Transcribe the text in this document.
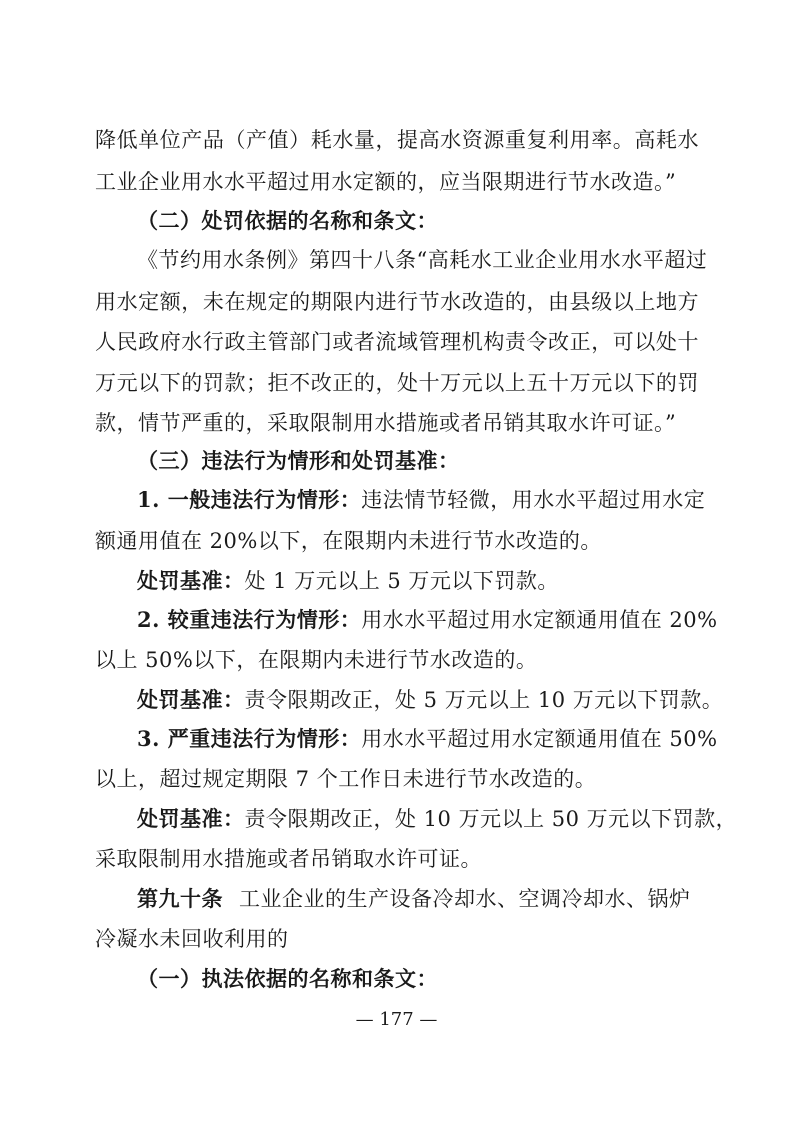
降低单位产品（产值）耗水量，提高水资源重复利用率。高耗水
工业企业用水水平超过用水定额的，应当限期进行节水改造。”
（二）处罚依据的名称和条文：
《节约用水条例》第四十八条“高耗水工业企业用水水平超过
用水定额，未在规定的期限内进行节水改造的，由县级以上地方
人民政府水行政主管部门或者流域管理机构责令改正，可以处十
万元以下的罚款；拒不改正的，处十万元以上五十万元以下的罚
款，情节严重的，采取限制用水措施或者吊销其取水许可证。”
（三）违法行为情形和处罚基准：
1. 一般违法行为情形：违法情节轻微，用水水平超过用水定
额通用值在 20%以下，在限期内未进行节水改造的。
处罚基准：处 1 万元以上 5 万元以下罚款。
2. 较重违法行为情形：用水水平超过用水定额通用值在 20%
以上 50%以下，在限期内未进行节水改造的。
处罚基准：责令限期改正，处 5 万元以上 10 万元以下罚款。
3. 严重违法行为情形：用水水平超过用水定额通用值在 50%
以上，超过规定期限 7 个工作日未进行节水改造的。
处罚基准：责令限期改正，处 10 万元以上 50 万元以下罚款，
采取限制用水措施或者吊销取水许可证。
第九十条 工业企业的生产设备冷却水、空调冷却水、锅炉
冷凝水未回收利用的
（一）执法依据的名称和条文：
— 177 —
